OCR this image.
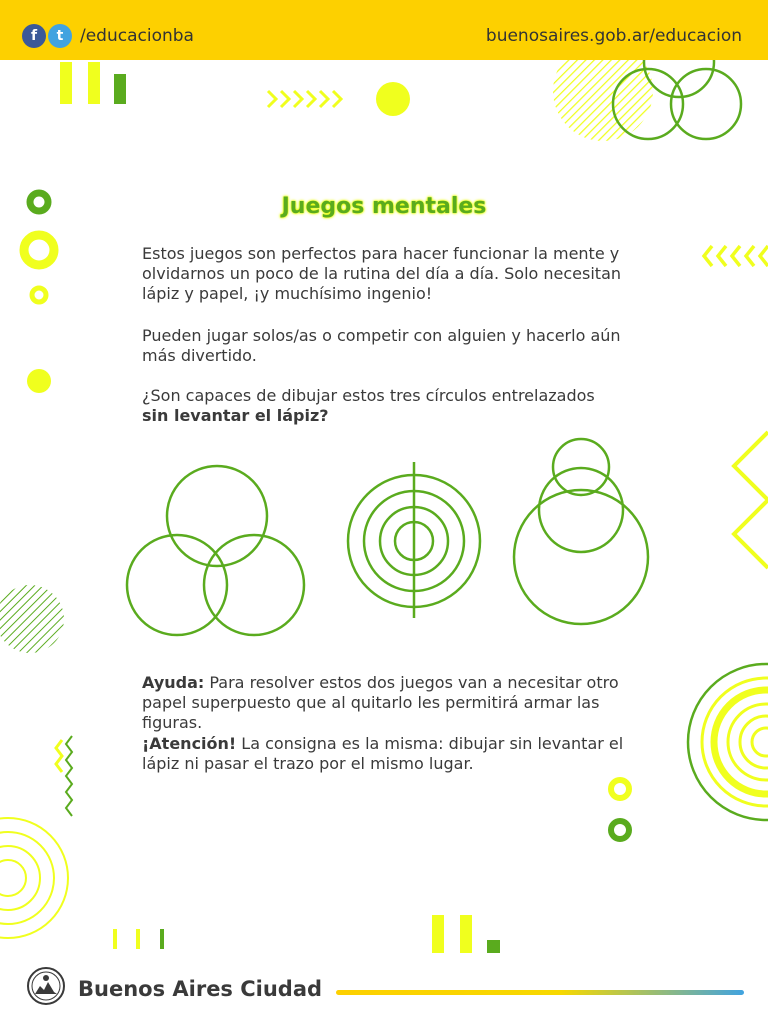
f	t /educacionba	buenosaires.gob.ar/educacion
Juegos mentales
Estos juegos son perfectos para hacer funcionar la mente y olvidarnos un poco de la rutina del día a día. Solo necesitan lápiz y papel, ¡y muchísimo ingenio!
Pueden jugar solos/as o competir con alguien y hacerlo aún más divertido.
¿Son capaces de dibujar estos tres círculos entrelazados
sin levantar el lápiz?
Ayuda: Para resolver estos dos juegos van a necesitar otro papel superpuesto que al quitarlo les permitirá armar las figuras.
¡Atención! La consigna es la misma: dibujar sin levantar el lápiz ni pasar el trazo por el mismo lugar.
Buenos Aires Ciudad
